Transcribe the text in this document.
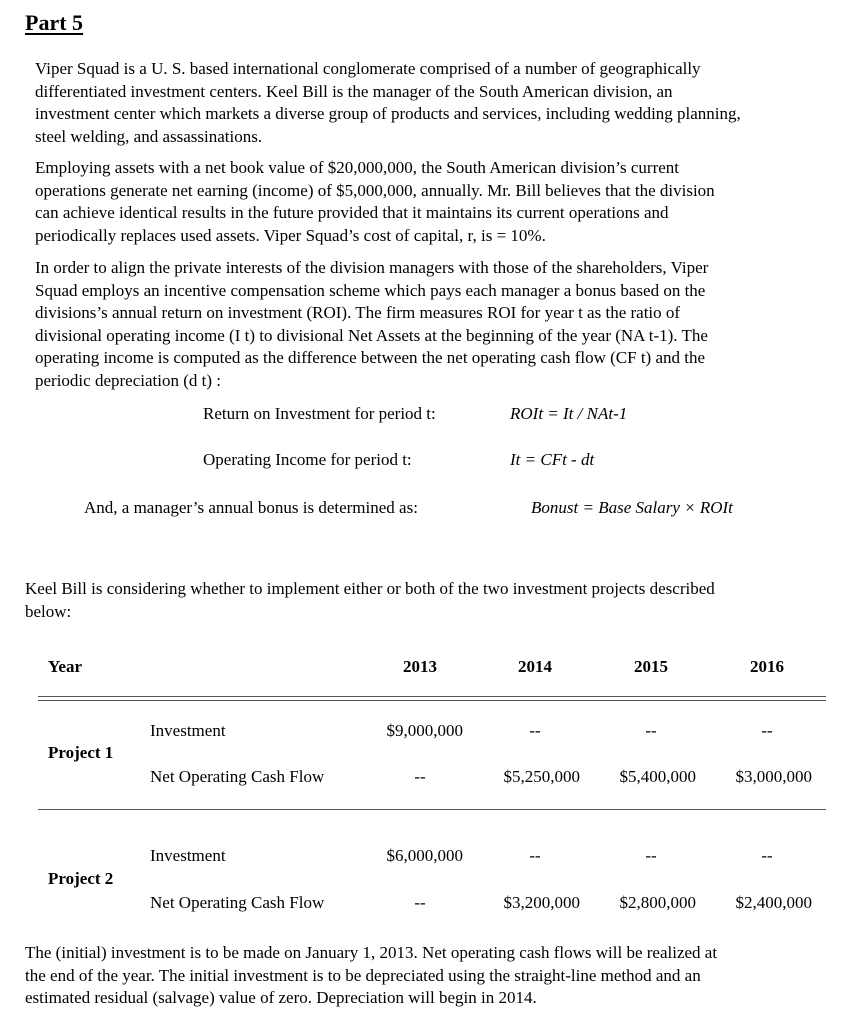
Part 5

Viper Squad is a U. S. based international conglomerate comprised of a number of geographically

differentiated investment centers. Keel Bill is the manager of the South American division, an

investment center which markets a diverse group of products and services, including wedding planning,

steel welding, and assassinations.

Employing assets with a net book value of $20,000,000, the South American division’s current

operations generate net earning (income) of $5,000,000, annually. Mr. Bill believes that the division

can achieve identical results in the future provided that it maintains its current operations and

periodically replaces used assets. Viper Squad’s cost of capital, r, is = 10%.

In order to align the private interests of the division managers with those of the shareholders, Viper

Squad employs an incentive compensation scheme which pays each manager a bonus based on the

divisions’s annual return on investment (ROI). The firm measures ROI for year t as the ratio of

divisional operating income (I t) to divisional Net Assets at the beginning of the year (NA t-1). The

operating income is computed as the difference between the net operating cash flow (CF t) and the

periodic depreciation (d t) :

Return on Investment for period t:	ROIt = It / NAt-1
Operating Income for period t:	It = CFt - dt
And, a manager’s annual bonus is determined as:	Bonust = Base Salary × ROIt

Keel Bill is considering whether to implement either or both of the two investment projects described

below:

Year	2013	2014	2015	2016
Project 1
Investment	$9,000,000	--	--	--
Net Operating Cash Flow	--	$5,250,000	$5,400,000	$3,000,000
Project 2
Investment	$6,000,000	--	--	--
Net Operating Cash Flow	--	$3,200,000	$2,800,000	$2,400,000

The (initial) investment is to be made on January 1, 2013. Net operating cash flows will be realized at

the end of the year. The initial investment is to be depreciated using the straight-line method and an

estimated residual (salvage) value of zero. Depreciation will begin in 2014.
